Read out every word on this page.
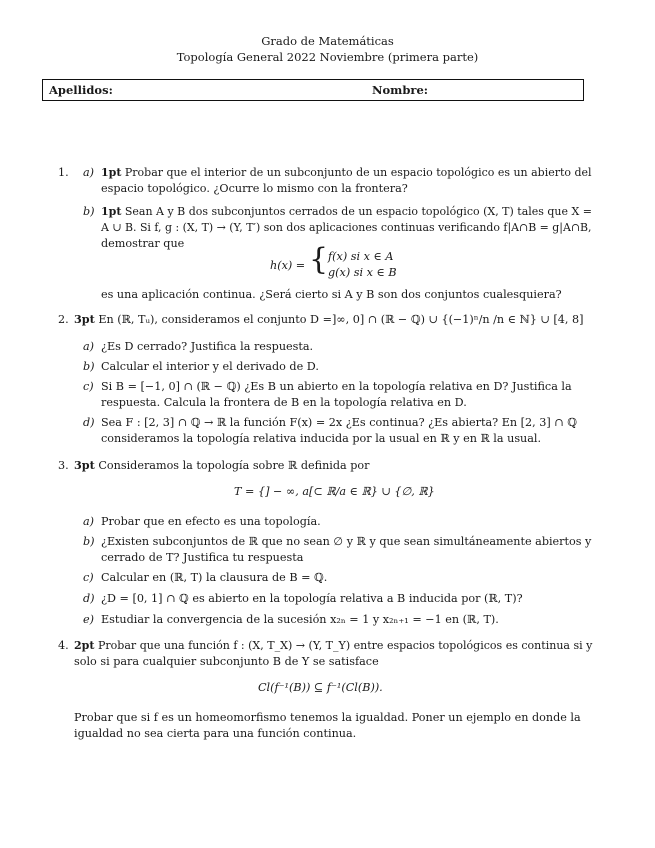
Grado de Matemáticas
Topología General 2022 Noviembre (primera parte)
Apellidos:	Nombre:
1. a) 1pt Probar que el interior de un subconjunto de un espacio topológico es un abierto del
espacio topológico. ¿Ocurre lo mismo con la frontera?
b) 1pt Sean A y B dos subconjuntos cerrados de un espacio topológico (X, T) tales que X =
A ∪ B. Si f, g : (X, T) → (Y, T′) son dos aplicaciones continuas verificando f|A∩B = g|A∩B,
demostrar que
h(x) = { f(x) si x ∈ A
g(x) si x ∈ B
es una aplicación continua. ¿Será cierto si A y B son dos conjuntos cualesquiera?
2. 3pt En (ℝ, Tᵤ), consideramos el conjunto D =]∞, 0] ∩ (ℝ − ℚ) ∪ {(−1)ⁿ/n /n ∈ ℕ} ∪ [4, 8]
a) ¿Es D cerrado? Justifica la respuesta.
b) Calcular el interior y el derivado de D.
c) Si B = [−1, 0] ∩ (ℝ − ℚ) ¿Es B un abierto en la topología relativa en D? Justifica la
respuesta. Calcula la frontera de B en la topología relativa en D.
d) Sea F : [2, 3] ∩ ℚ → ℝ la función F(x) = 2x ¿Es continua? ¿Es abierta? En [2, 3] ∩ ℚ
consideramos la topología relativa inducida por la usual en ℝ y en ℝ la usual.
3. 3pt Consideramos la topología sobre ℝ definida por
T = {] − ∞, a[⊂ ℝ/a ∈ ℝ} ∪ {∅, ℝ}
a) Probar que en efecto es una topología.
b) ¿Existen subconjuntos de ℝ que no sean ∅ y ℝ y que sean simultáneamente abiertos y
cerrado de T? Justifica tu respuesta
c) Calcular en (ℝ, T) la clausura de B = ℚ.
d) ¿D = [0, 1] ∩ ℚ es abierto en la topología relativa a B inducida por (ℝ, T)?
e) Estudiar la convergencia de la sucesión x₂ₙ = 1 y x₂ₙ₊₁ = −1 en (ℝ, T).
4. 2pt Probar que una función f : (X, T_X) → (Y, T_Y) entre espacios topológicos es continua si y
solo si para cualquier subconjunto B de Y se satisface
Cl(f⁻¹(B)) ⊆ f⁻¹(Cl(B)).
Probar que si f es un homeomorfismo tenemos la igualdad. Poner un ejemplo en donde la
igualdad no sea cierta para una función continua.
